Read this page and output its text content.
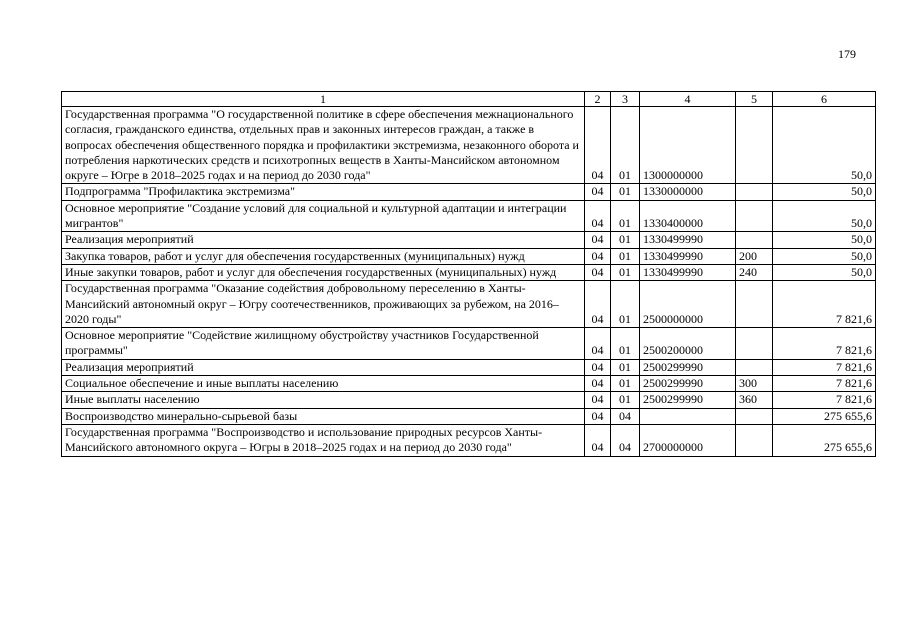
179
1	2	3	4	5	6
Государственная программа "О государственной политике в сфере обеспечения межнационального согласия, гражданского единства, отдельных прав и законных интересов граждан, а также в вопросах обеспечения общественного порядка и профилактики экстремизма, незаконного оборота и потребления наркотических средств и психотропных веществ в Ханты-Мансийском автономном округе – Югре в 2018–2025 годах и на период до 2030 года"	04	01	1300000000		50,0
Подпрограмма "Профилактика экстремизма"	04	01	1330000000		50,0
Основное мероприятие "Создание условий для социальной и культурной адаптации и интеграции мигрантов"	04	01	1330400000		50,0
Реализация мероприятий	04	01	1330499990		50,0
Закупка товаров, работ и услуг для обеспечения государственных (муниципальных) нужд	04	01	1330499990	200	50,0
Иные закупки товаров, работ и услуг для обеспечения государственных (муниципальных) нужд	04	01	1330499990	240	50,0
Государственная программа "Оказание содействия добровольному переселению в Ханты-Мансийский автономный округ – Югру соотечественников, проживающих за рубежом, на 2016–2020 годы"	04	01	2500000000		7 821,6
Основное мероприятие "Содействие жилищному обустройству участников Государственной программы"	04	01	2500200000		7 821,6
Реализация мероприятий	04	01	2500299990		7 821,6
Социальное обеспечение и иные выплаты населению	04	01	2500299990	300	7 821,6
Иные выплаты населению	04	01	2500299990	360	7 821,6
Воспроизводство минерально-сырьевой базы	04	04			275 655,6
Государственная программа "Воспроизводство и использование природных ресурсов Ханты-Мансийского автономного округа – Югры в 2018–2025 годах и на период до 2030 года"	04	04	2700000000		275 655,6
